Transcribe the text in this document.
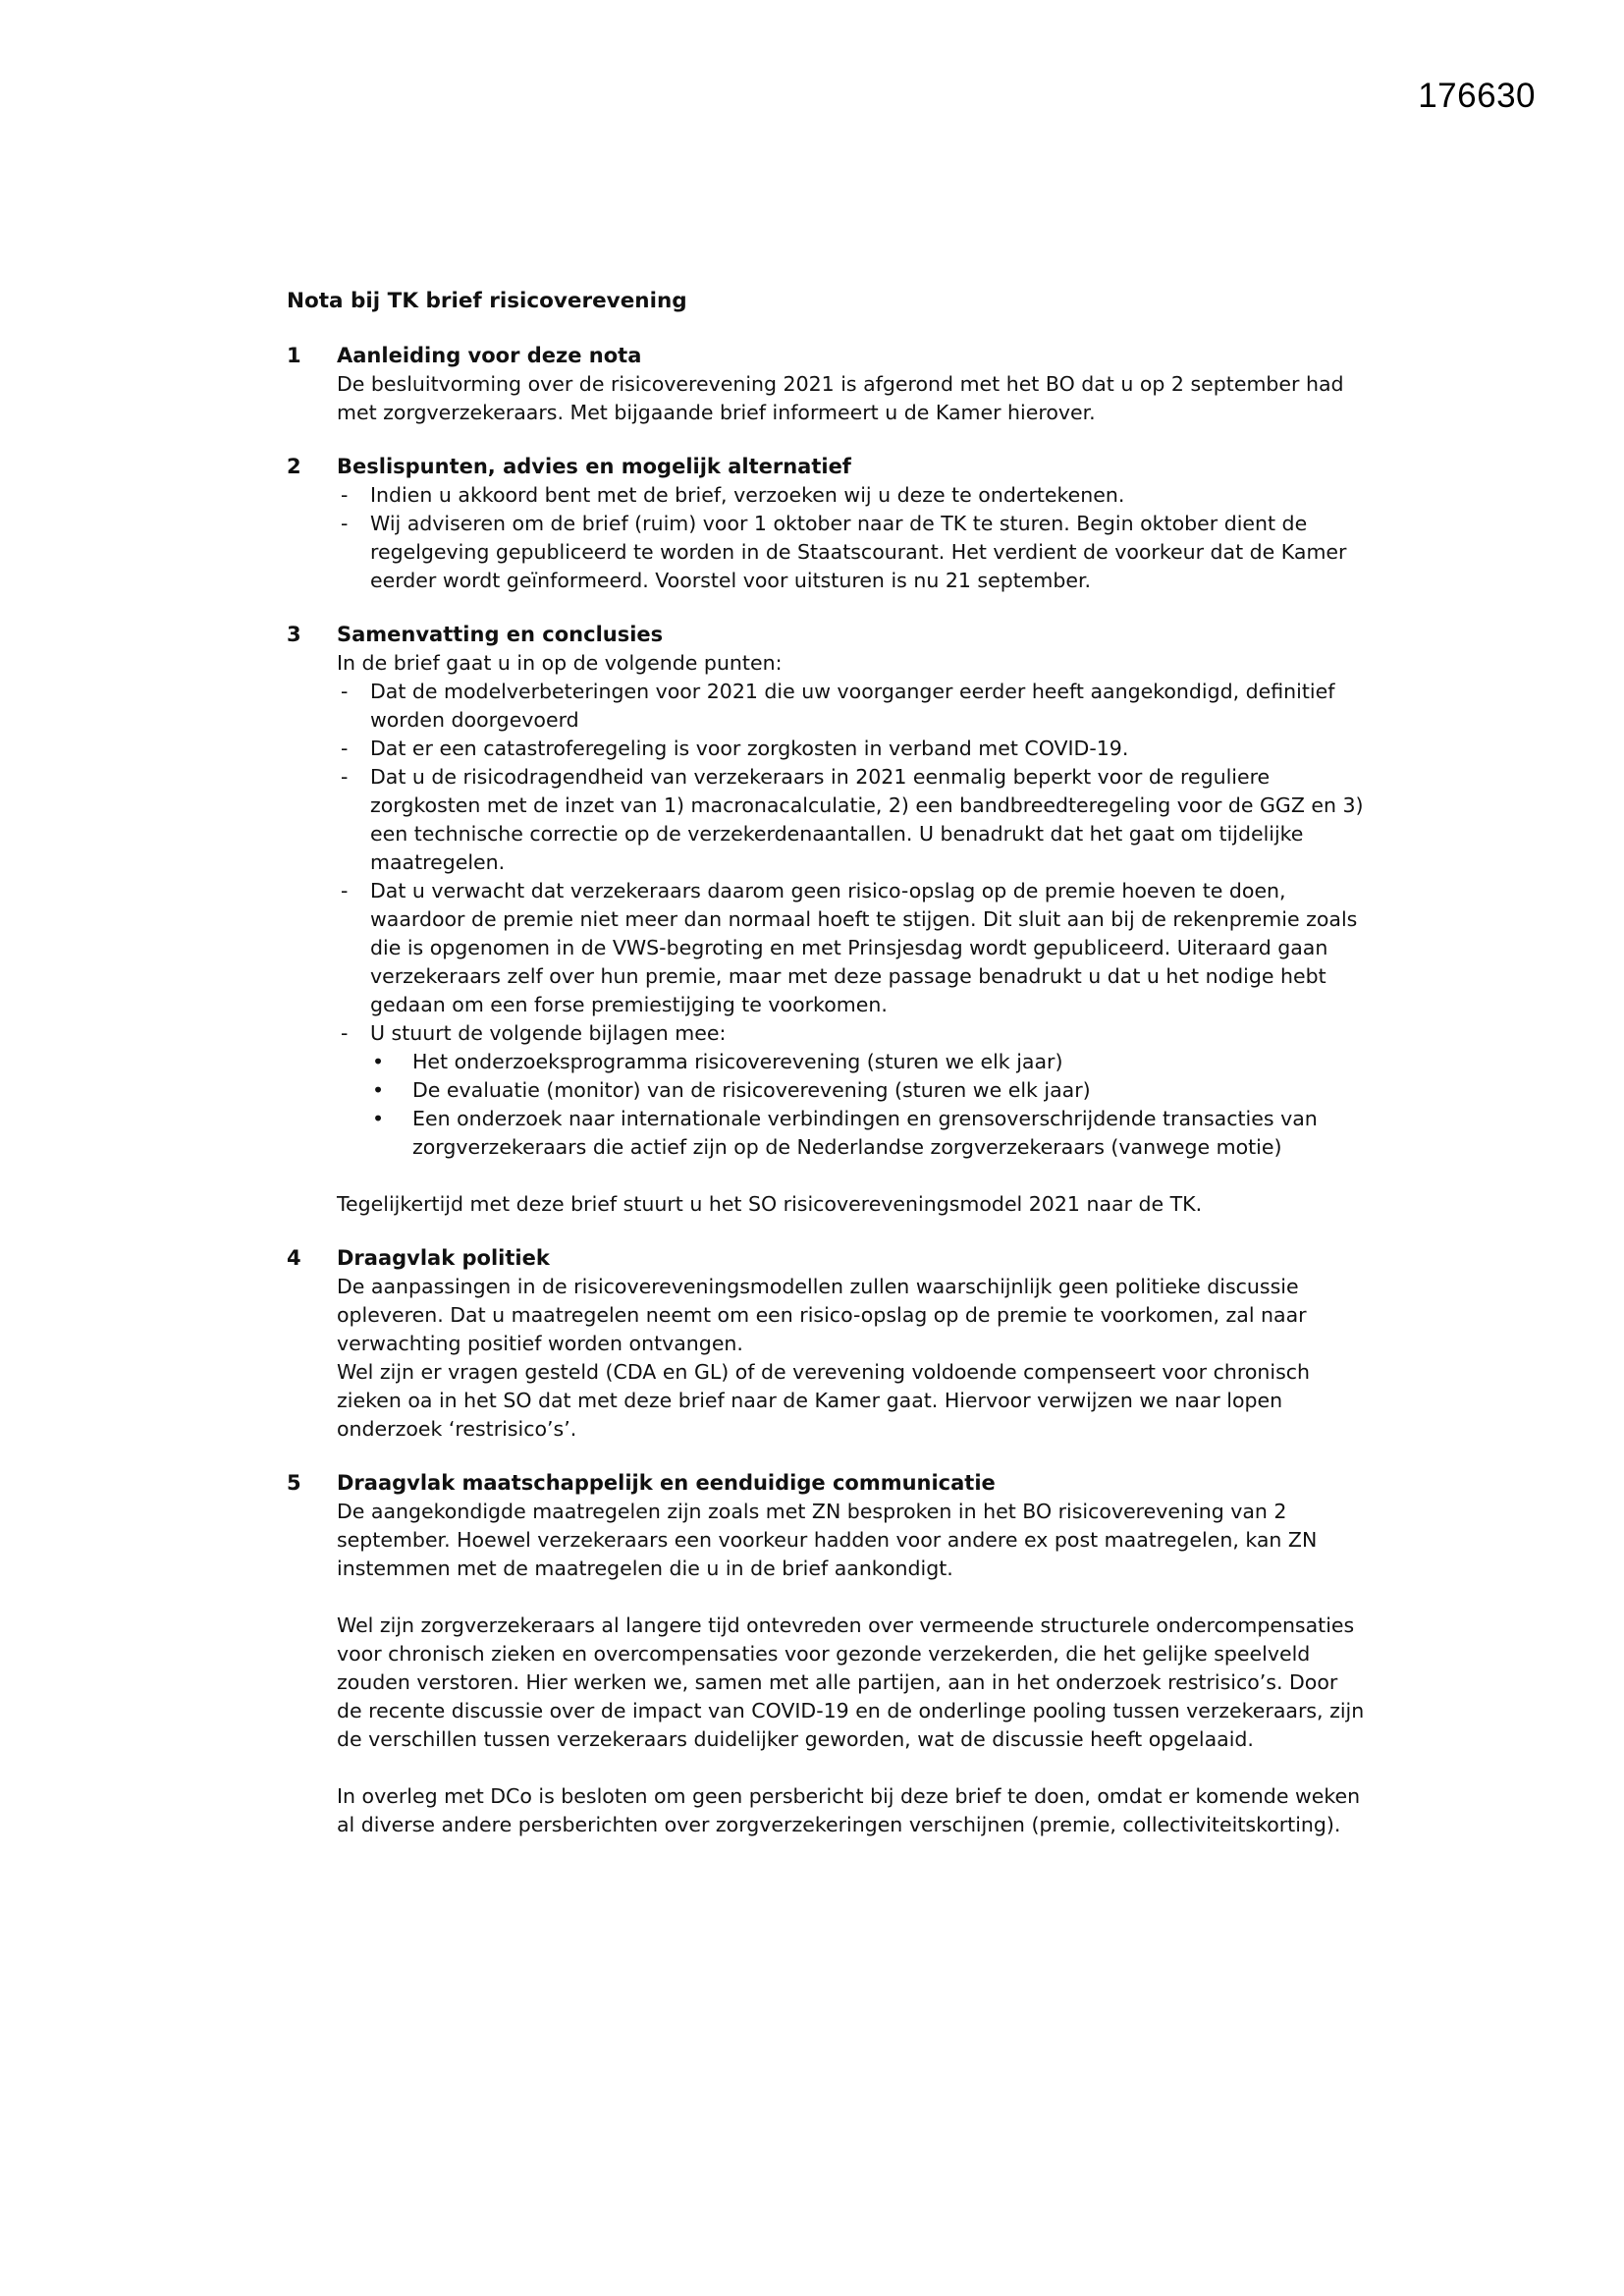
176630
Nota bij TK brief risicoverevening
1 Aanleiding voor deze nota

De besluitvorming over de risicoverevening 2021 is afgerond met het BO dat u op 2 september had met zorgverzekeraars. Met bijgaande brief informeert u de Kamer hierover.

2 Beslispunten, advies en mogelijk alternatief
- Indien u akkoord bent met de brief, verzoeken wij u deze te ondertekenen.
- Wij adviseren om de brief (ruim) voor 1 oktober naar de TK te sturen. Begin oktober dient de regelgeving gepubliceerd te worden in de Staatscourant. Het verdient de voorkeur dat de Kamer eerder wordt geïnformeerd. Voorstel voor uitsturen is nu 21 september.
3 Samenvatting en conclusies

In de brief gaat u in op de volgende punten:

- Dat de modelverbeteringen voor 2021 die uw voorganger eerder heeft aangekondigd, definitief worden doorgevoerd
- Dat er een catastroferegeling is voor zorgkosten in verband met COVID-19.
- Dat u de risicodragendheid van verzekeraars in 2021 eenmalig beperkt voor de reguliere zorgkosten met de inzet van 1) macronacalculatie, 2) een bandbreedteregeling voor de GGZ en 3) een technische correctie op de verzekerdenaantallen. U benadrukt dat het gaat om tijdelijke maatregelen.
- Dat u verwacht dat verzekeraars daarom geen risico-opslag op de premie hoeven te doen, waardoor de premie niet meer dan normaal hoeft te stijgen. Dit sluit aan bij de rekenpremie zoals die is opgenomen in de VWS-begroting en met Prinsjesdag wordt gepubliceerd. Uiteraard gaan verzekeraars zelf over hun premie, maar met deze passage benadrukt u dat u het nodige hebt gedaan om een forse premiestijging te voorkomen.
- U stuurt de volgende bijlagen mee:
• Het onderzoeksprogramma risicoverevening (sturen we elk jaar)
• De evaluatie (monitor) van de risicoverevening (sturen we elk jaar)
• Een onderzoek naar internationale verbindingen en grensoverschrijdende transacties van zorgverzekeraars die actief zijn op de Nederlandse zorgverzekeraars (vanwege motie)

Tegelijkertijd met deze brief stuurt u het SO risicovereveningsmodel 2021 naar de TK.

4 Draagvlak politiek

De aanpassingen in de risicovereveningsmodellen zullen waarschijnlijk geen politieke discussie opleveren. Dat u maatregelen neemt om een risico-opslag op de premie te voorkomen, zal naar verwachting positief worden ontvangen.

Wel zijn er vragen gesteld (CDA en GL) of de verevening voldoende compenseert voor chronisch zieken oa in het SO dat met deze brief naar de Kamer gaat. Hiervoor verwijzen we naar lopen onderzoek ‘restrisico’s’.

5 Draagvlak maatschappelijk en eenduidige communicatie

De aangekondigde maatregelen zijn zoals met ZN besproken in het BO risicoverevening van 2 september. Hoewel verzekeraars een voorkeur hadden voor andere ex post maatregelen, kan ZN instemmen met de maatregelen die u in de brief aankondigt.

Wel zijn zorgverzekeraars al langere tijd ontevreden over vermeende structurele ondercompensaties voor chronisch zieken en overcompensaties voor gezonde verzekerden, die het gelijke speelveld zouden verstoren. Hier werken we, samen met alle partijen, aan in het onderzoek restrisico’s. Door de recente discussie over de impact van COVID-19 en de onderlinge pooling tussen verzekeraars, zijn de verschillen tussen verzekeraars duidelijker geworden, wat de discussie heeft opgelaaid.

In overleg met DCo is besloten om geen persbericht bij deze brief te doen, omdat er komende weken al diverse andere persberichten over zorgverzekeringen verschijnen (premie, collectiviteitskorting).
